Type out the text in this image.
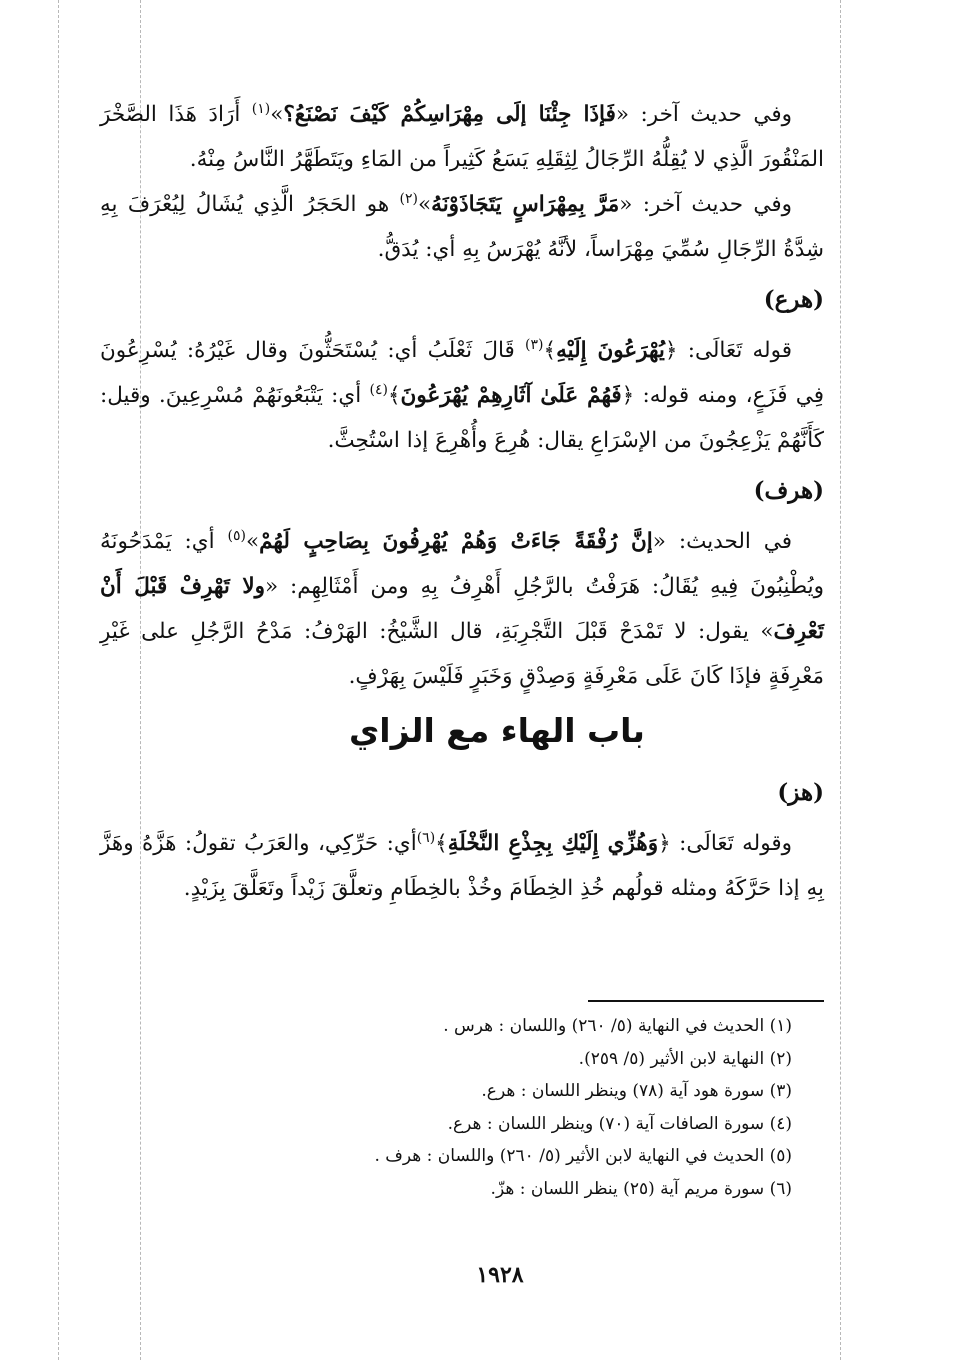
وفي حديث آخر: «فَإذَا جِئْنَا إلَى مِهْرَاسِكُمْ كَيْفَ نَصْنَعُ؟»$^{(١)}$ أَرَادَ هَذَا الصَّخْرَ المَنْقُورَ الَّذِي لا يُقِلُّهُ الرِّجَالُ لِثِقَلِهِ يَسَعُ كَثِيراً من المَاءِ ويَتَطَهَّرُ النَّاسُ مِنْهُ.

وفي حديث آخر: «مَرَّ بِمِهْرَاسٍ يَتَجَاذَوْنَهُ»$^{(٢)}$ هو الحَجَرُ الَّذِي يُشَالُ لِيُعْرَفَ بِهِ شِدَّةُ الرِّجَالِ سُمِّيَ مِهْرَاساً، لأنَّهُ يُهْرَسُ بِهِ أي: يُدَقُّ.

(هرع)

قوله تَعَالَى: ﴿يُهْرَعُونَ إِلَيْهِ﴾$^{(٣)}$ قَالَ ثَعْلَبُ أي: يُسْتَحَثُّونَ وقال غَيْرُهُ: يُسْرِعُونَ فِي فَزَعٍ، ومنه قوله: ﴿فَهُمْ عَلَىٰ آثَارِهِمْ يُهْرَعُونَ﴾$^{(٤)}$ أي: يَتْبَعُونَهُمْ مُسْرِعِينَ. وقيل: كَأَنَّهُمْ يَزْعِجُونَ من الإسْرَاعِ يقال: هُرِعَ وأُهْرِعَ إذا اسْتُحِثَّ.

(هرف)

في الحديث: «إنَّ رُفْقَةً جَاءَتْ وَهُمْ يُهْرِفُونَ بِصَاحِبٍ لَهُمْ»$^{(٥)}$ أي: يَمْدَحُونَهُ ويُطْنِبُونَ فِيهِ يُقَالُ: هَرَفْتُ بالرَّجُلِ أَهْرِفُ بِهِ ومن أَمْثَالِهِم: «ولا تَهْرِفْ قَبْلَ أَنْ تَعْرِفَ» يقول: لا تَمْدَحْ قَبْلَ التَّجْرِبَةِ، قال الشَّيْخُ: الهَرْفُ: مَدْحُ الرَّجُلِ على غَيْرِ مَعْرِفَةٍ فإذَا كَانَ عَلَى مَعْرِفَةٍ وَصِدْقٍ وَخَبَرٍ فَلَيْسَ بِهَرْفٍ.

باب الهاء مع الزاي
(هز)

وقوله تَعَالَى: ﴿وَهُزِّي إِلَيْكِ بِجِذْعِ النَّخْلَةِ﴾$^{(٦)}$أي: حَرِّكِي، والعَرَبُ تقولُ: هَزَّهُ وهَزَّ بِهِ إذا حَرَّكَهُ ومثله قولُهم خُذِ الخِطَامَ وخُذْ بالخِطَامِ وتعلَّقَ زَيْداً وتَعَلَّقَ بِزَيْدٍ.

(١) الحديث في النهاية (٥/ ٢٦٠) واللسان : هرس .

(٢) النهاية لابن الأثير (٥/ ٢٥٩).

(٣) سورة هود آية (٧٨) وينظر اللسان : هرع.

(٤) سورة الصافات آية (٧٠) وينظر اللسان : هرع.

(٥) الحديث في النهاية لابن الأثير (٥/ ٢٦٠) واللسان : هرف .

(٦) سورة مريم آية (٢٥) ينظر اللسان : هزّ.

١٩٢٨
